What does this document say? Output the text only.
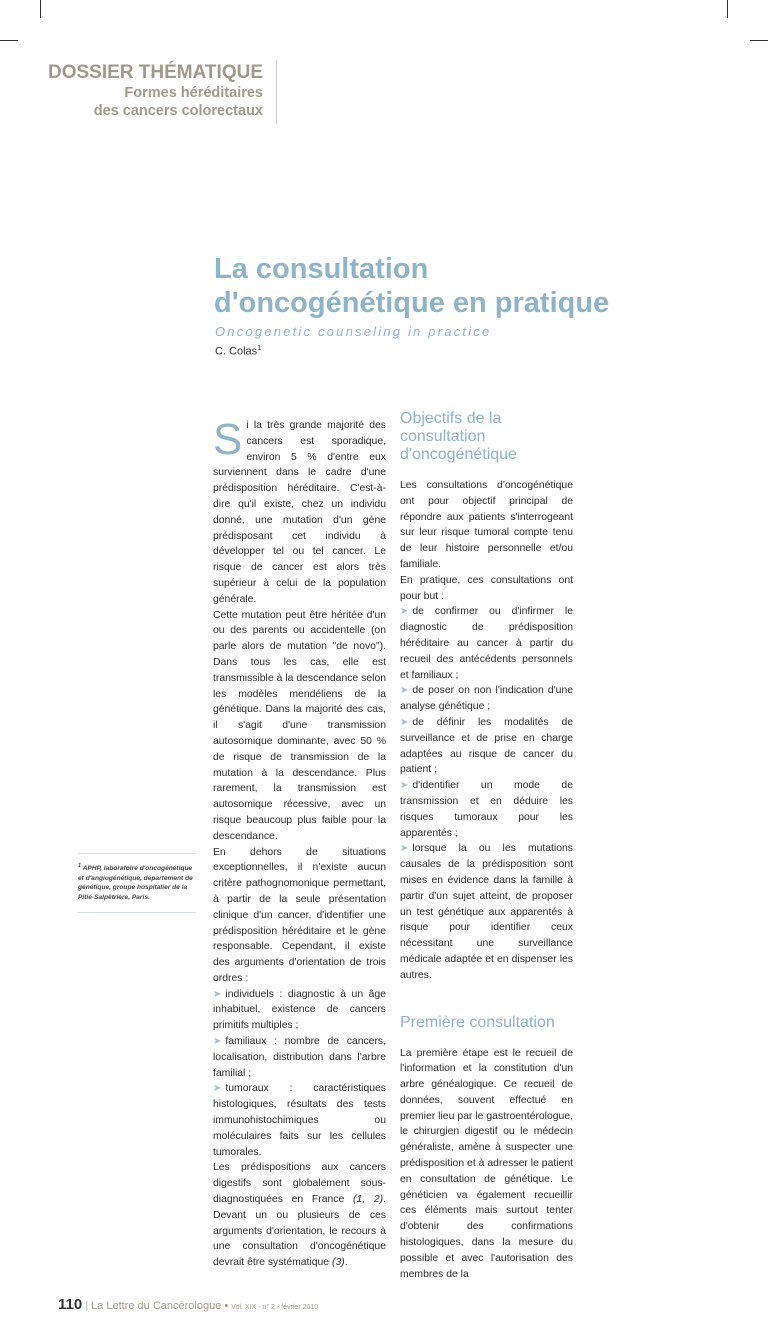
DOSSIER THÉMATIQUE
Formes héréditaires
des cancers colorectaux
La consultation
d'oncogénétique en pratique
Oncogenetic counseling in practice
C. Colas$^1$
S i la très grande majorité des cancers est sporadique, environ 5 % d'entre eux surviennent dans le cadre d'une prédisposition héréditaire. C'est-à-dire qu'il existe, chez un individu donné, une mutation d'un gène prédisposant cet individu à développer tel ou tel cancer. Le risque de cancer est alors très supérieur à celui de la population générale.

Cette mutation peut être héritée d'un ou des parents ou accidentelle (on parle alors de mutation "de novo"). Dans tous les cas, elle est transmissible à la descendance selon les modèles mendéliens de la génétique. Dans la majorité des cas, il s'agit d'une transmission autosomique dominante, avec 50 % de risque de transmission de la mutation à la descendance. Plus rarement, la transmission est autosomique récessive, avec un risque beaucoup plus faible pour la descendance.

En dehors de situations exceptionnelles, il n'existe aucun critère pathognomonique permettant, à partir de la seule présentation clinique d'un cancer, d'identifier une prédisposition héréditaire et le gène responsable. Cependant, il existe des arguments d'orientation de trois ordres :

➤ individuels : diagnostic à un âge inhabituel, existence de cancers primitifs multiples ;

➤ familiaux : nombre de cancers, localisation, distribution dans l'arbre familial ;

➤ tumoraux : caractéristiques histologiques, résultats des tests immunohistochimiques ou moléculaires faits sur les cellules tumorales.

Les prédispositions aux cancers digestifs sont globalement sous-diagnostiquées en France (1, 2). Devant un ou plusieurs de ces arguments d'orientation, le recours à une consultation d'oncogénétique devrait être systématique (3).

Objectifs de la consultation d'oncogénétique

Les consultations d'oncogénétique ont pour objectif principal de répondre aux patients s'interrogeant sur leur risque tumoral compte tenu de leur histoire personnelle et/ou familiale.

En pratique, ces consultations ont pour but :

➤ de confirmer ou d'infirmer le diagnostic de prédisposition héréditaire au cancer à partir du recueil des antécédents personnels et familiaux ;

➤ de poser on non l'indication d'une analyse génétique ;

➤ de définir les modalités de surveillance et de prise en charge adaptées au risque de cancer du patient ;

➤ d'identifier un mode de transmission et en déduire les risques tumoraux pour les apparentés ;

➤ lorsque la ou les mutations causales de la prédisposition sont mises en évidence dans la famille à partir d'un sujet atteint, de proposer un test génétique aux apparentés à risque pour identifier ceux nécessitant une surveillance médicale adaptée et en dispenser les autres.

Première consultation

La première étape est le recueil de l'information et la constitution d'un arbre généalogique. Ce recueil de données, souvent effectué en premier lieu par le gastroentérologue, le chirurgien digestif ou le médecin généraliste, amène à suspecter une prédisposition et à adresser le patient en consultation de génétique. Le généticien va également recueillir ces éléments mais surtout tenter d'obtenir des confirmations histologiques, dans la mesure du possible et avec l'autorisation des membres de la

$^1$ APHP, laboratoire d'oncogénétique et d'angiogénétique, département de génétique, groupe hospitalier de la Pitié-Salpêtrière, Paris.
110 | La Lettre du Cancérologue • Vol. XIX - n° 2 - février 2010
